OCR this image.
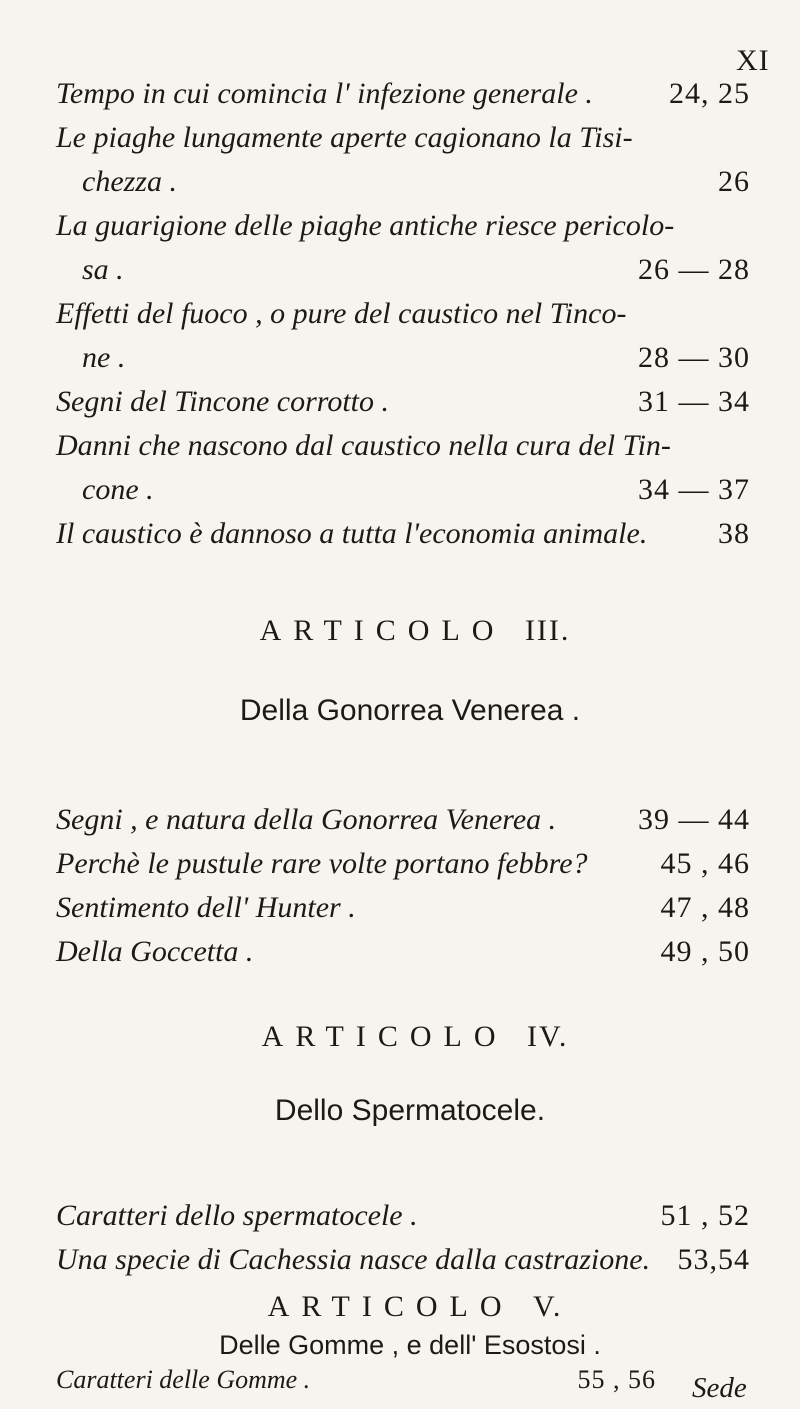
XI
Tempo in cui comincia l' infezione generale .	24, 25
Le piaghe lungamente aperte cagionano la Tisi-
chezza .	26
La guarigione delle piaghe antiche riesce pericolo-
sa .	26 — 28
Effetti del fuoco , o pure del caustico nel Tinco-
ne .	28 — 30
Segni del Tincone corrotto .	31 — 34
Danni che nascono dal caustico nella cura del Tin-
cone .	34 — 37
Il caustico è dannoso a tutta l'economia animale. 38
ARTICOLO III.
Della Gonorrea Venerea .
Segni , e natura della Gonorrea Venerea .	39 — 44
Perchè le pustule rare volte portano febbre? 45 , 46
Sentimento dell' Hunter .	47 , 48
Della Goccetta .	49 , 50
ARTICOLO IV.
Dello Spermatocele.
Caratteri dello spermatocele .	51 , 52
Una specie di Cachessia nasce dalla castrazione. 53,54
ARTICOLO V.
Sede
Delle Gomme , e dell' Esostosi .
Caratteri delle Gomme .	55 , 56
